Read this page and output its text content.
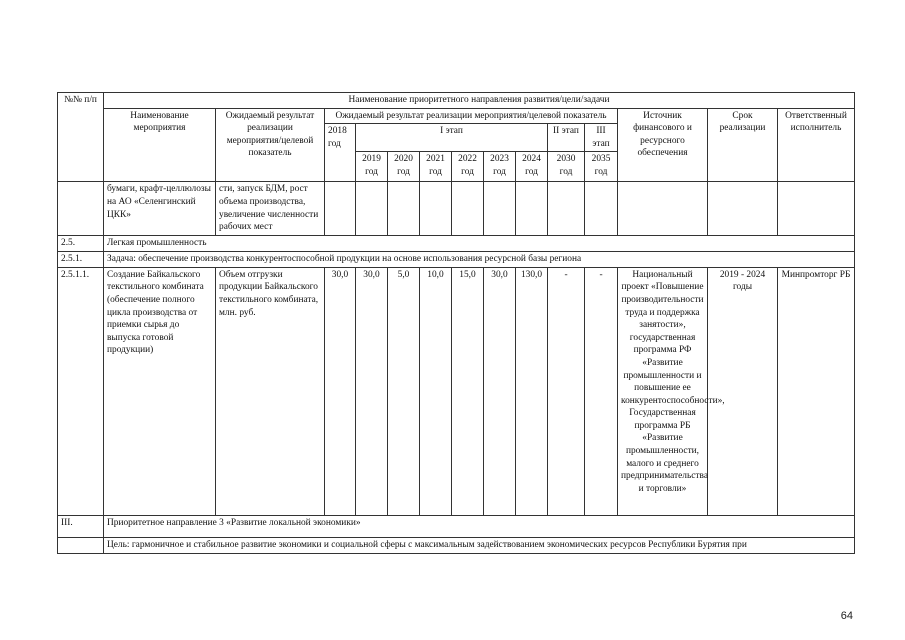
№№ п/п	Наименование приоритетного направления развития/цели/задачи													
	Наименование мероприятия	Ожидаемый результат реализации мероприятия/целевой показатель	Ожидаемый результат реализации мероприятия/целевой показатель									Источник финансового и ресурсного обеспечения	Срок реализации	Ответственный исполнитель
			2018 год	I этап						II этап	III этап			
				2019 год	2020 год	2021 год	2022 год	2023 год	2024 год	2030 год	2035 год			
	бумаги, крафт-целлюлозы на АО «Селенгинский ЦКК»	сти, запуск БДМ, рост объема производства, увеличение численности рабочих мест												
2.5.	Легкая промышленность													
2.5.1.	Задача: обеспечение производства конкурентоспособной продукции на основе использования ресурсной базы региона													
2.5.1.1.	Создание Байкальского текстильного комбината (обеспечение полного цикла производства от приемки сырья до выпуска готовой продукции)	Объем отгрузки продукции Байкальского текстильного комбината, млн. руб.	30,0	30,0	5,0	10,0	15,0	30,0	130,0	-	-	Национальный проект «Повышение производительности труда и поддержка занятости», государственная программа РФ «Развитие промышленности и повышение ее конкурентоспособности», Государственная программа РБ «Развитие промышленности, малого и среднего предпринимательства и торговли»	2019 - 2024 годы	Минпромторг РБ
III.	Приоритетное направление 3 «Развитие локальной экономики»													
	Цель: гармоничное и стабильное развитие экономики и социальной сферы с максимальным задействованием экономических ресурсов Республики Бурятия при													
64
